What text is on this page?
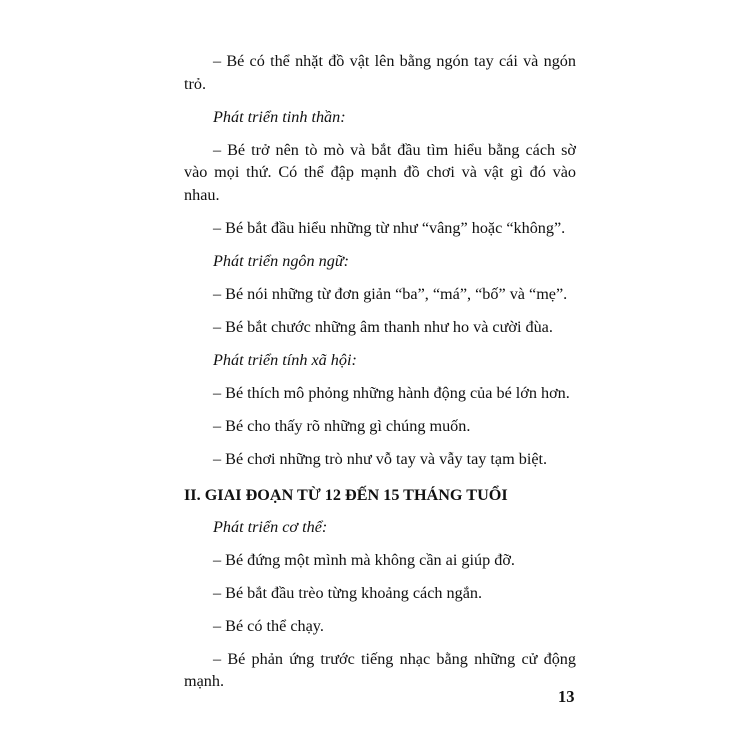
– Bé có thể nhặt đồ vật lên bằng ngón tay cái và ngón trỏ.

Phát triển tinh thần:

– Bé trở nên tò mò và bắt đầu tìm hiểu bằng cách sờ vào mọi thứ. Có thể đập mạnh đồ chơi và vật gì đó vào nhau.

– Bé bắt đầu hiểu những từ như “vâng” hoặc “không”.

Phát triển ngôn ngữ:

– Bé nói những từ đơn giản “ba”, “má”, “bố” và “mẹ”.

– Bé bắt chước những âm thanh như ho và cười đùa.

Phát triển tính xã hội:

– Bé thích mô phỏng những hành động của bé lớn hơn.

– Bé cho thấy rõ những gì chúng muốn.

– Bé chơi những trò như vỗ tay và vẫy tay tạm biệt.

II. GIAI ĐOẠN TỪ 12 ĐẾN 15 THÁNG TUỔI

Phát triển cơ thể:

– Bé đứng một mình mà không cần ai giúp đỡ.

– Bé bắt đầu trèo từng khoảng cách ngắn.

– Bé có thể chạy.

– Bé phản ứng trước tiếng nhạc bằng những cử động mạnh.

13
